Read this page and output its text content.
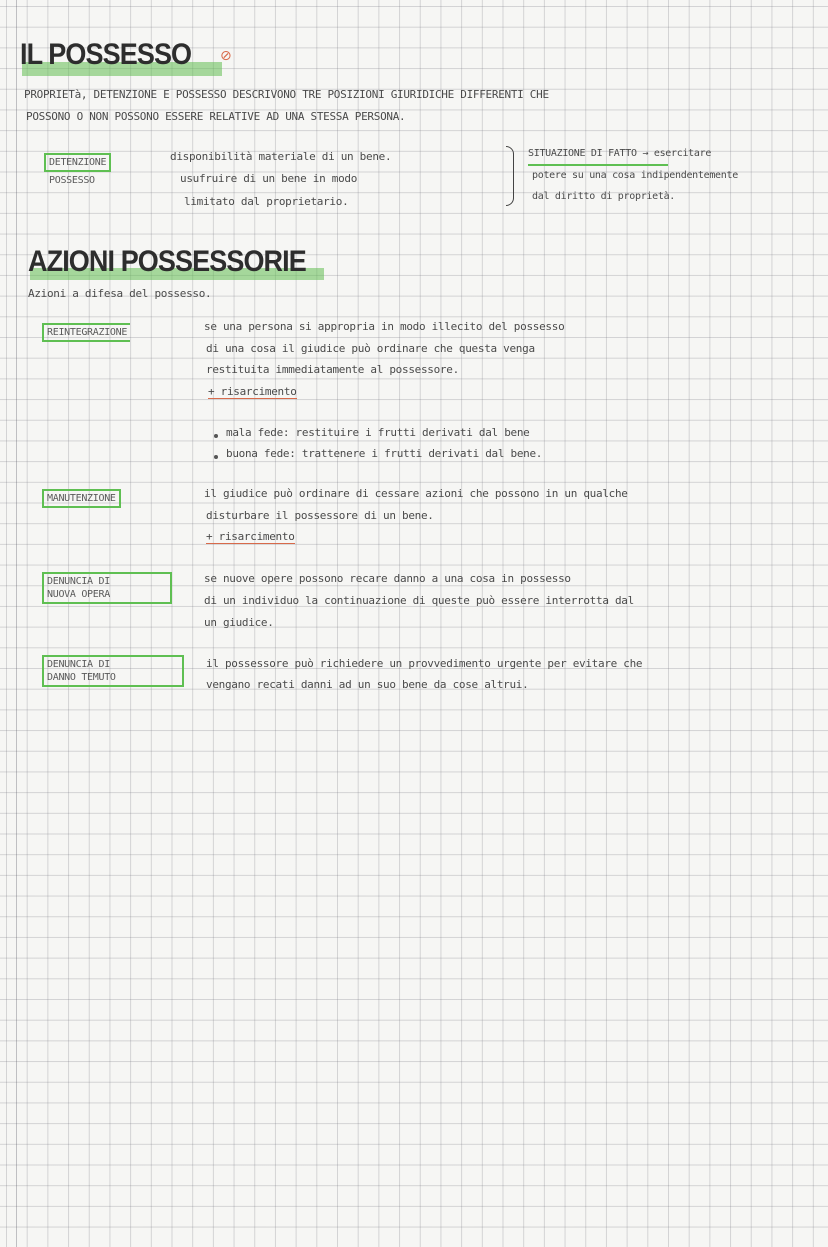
IL POSSESSO ⊘
PROPRIETà, DETENZIONE E POSSESSO DESCRIVONO TRE POSIZIONI GIURIDICHE DIFFERENTI CHE
POSSONO O NON POSSONO ESSERE RELATIVE AD UNA STESSA PERSONA.
DETENZIONE
POSSESSO
disponibilità materiale di un bene.
usufruire di un bene in modo
limitato dal proprietario.
SITUAZIONE DI FATTO → esercitare
potere su una cosa indipendentemente
dal diritto di proprietà.
AZIONI POSSESSORIE
Azioni a difesa del possesso.
REINTEGRAZIONE	se una persona si appropria in modo illecito del possesso
di una cosa il giudice può ordinare che questa venga
restituita immediatamente al possessore.
+ risarcimento
mala fede: restituire i frutti derivati dal bene
buona fede: trattenere i frutti derivati dal bene.
MANUTENZIONE	il giudice può ordinare di cessare azioni che possono in un qualche
disturbare il possessore di un bene.
+ risarcimento
DENUNCIA DI
NUOVA OPERA
se nuove opere possono recare danno a una cosa in possesso
di un individuo la continuazione di queste può essere interrotta dal
un giudice.
DENUNCIA DI
DANNO TEMUTO
il possessore può richiedere un provvedimento urgente per evitare che
vengano recati danni ad un suo bene da cose altrui.
